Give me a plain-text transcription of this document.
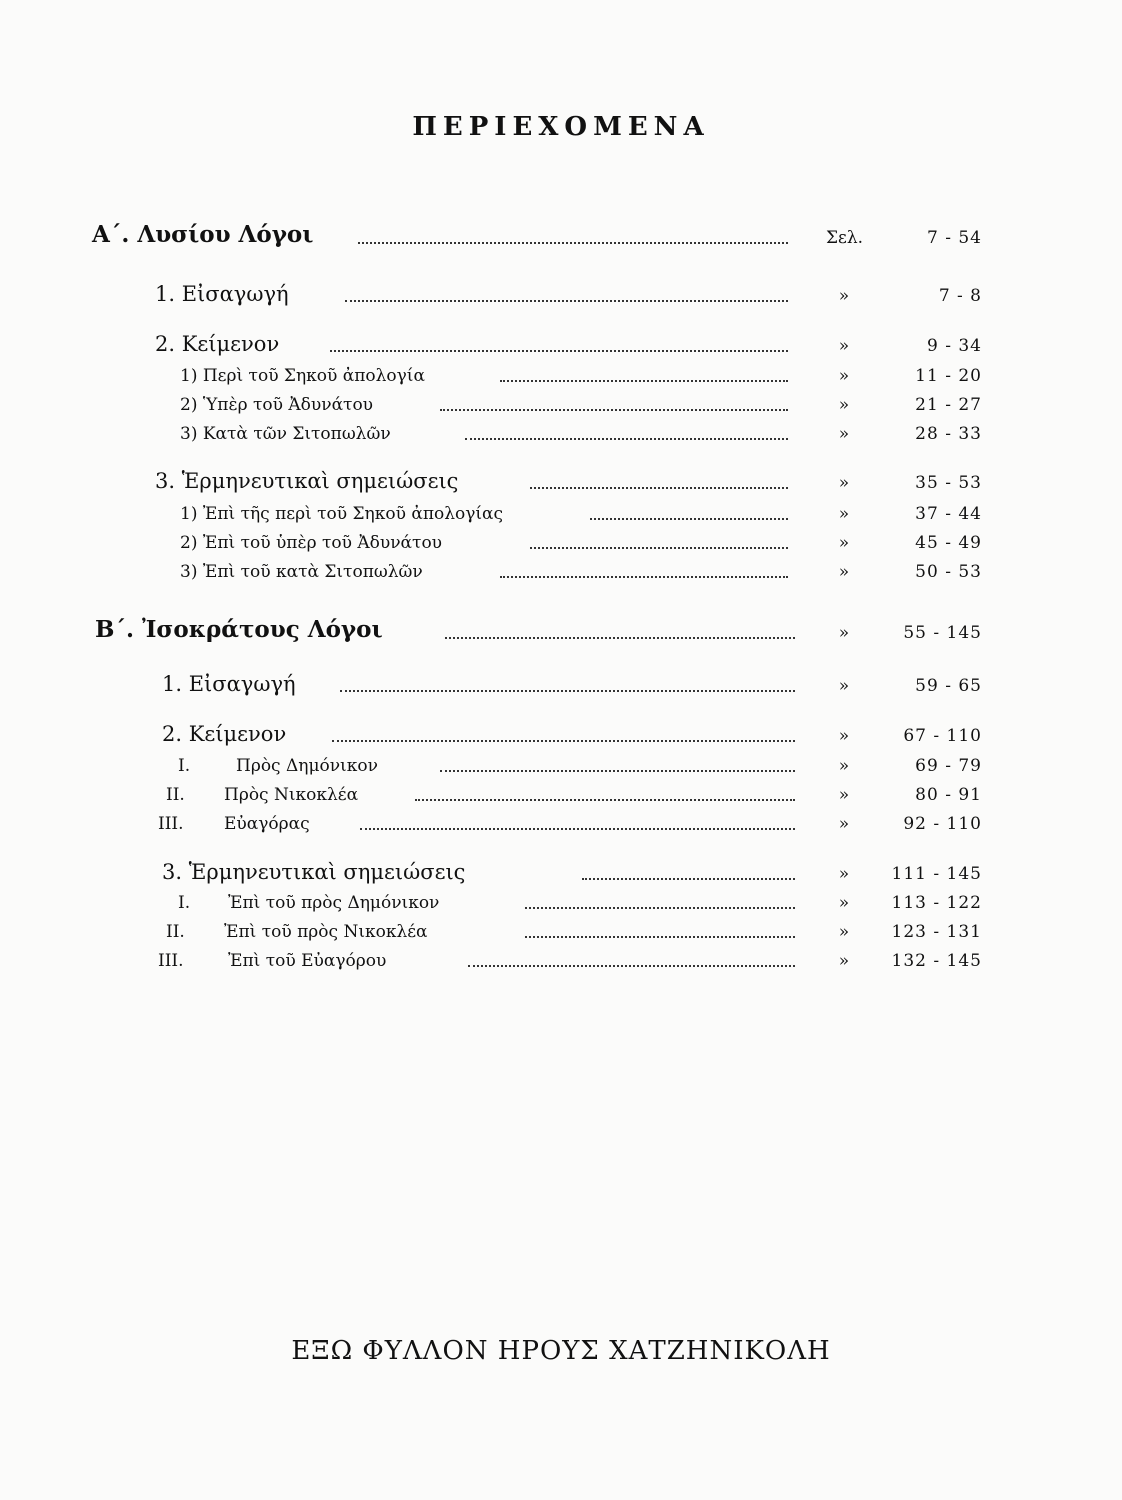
ΠΕΡΙΕΧΟΜΕΝΑ
Α΄. Λυσίου Λόγοι	Σελ.	7 - 54
1. Εἰσαγωγή	»	7 - 8
2. Κείμενον	»	9 - 34
1) Περὶ τοῦ Σηκοῦ ἀπολογία	»	11 - 20
2) Ὑπὲρ τοῦ Ἀδυνάτου	»	21 - 27
3) Κατὰ τῶν Σιτοπωλῶν	»	28 - 33
3. Ἑρμηνευτικαὶ σημειώσεις	»	35 - 53
1) Ἐπὶ τῆς περὶ τοῦ Σηκοῦ ἀπολογίας	»	37 - 44
2) Ἐπὶ τοῦ ὑπὲρ τοῦ Ἀδυνάτου	»	45 - 49
3) Ἐπὶ τοῦ κατὰ Σιτοπωλῶν	»	50 - 53
Β΄. Ἰσοκράτους Λόγοι	»	55 - 145
1. Εἰσαγωγή	»	59 - 65
2. Κείμενον	»	67 - 110
I.	Πρὸς Δημόνικον	»	69 - 79
II. Πρὸς Νικοκλέα	»	80 - 91
III. Εὐαγόρας	»	92 - 110
3. Ἑρμηνευτικαὶ σημειώσεις	»	111 - 145
I. Ἐπὶ τοῦ πρὸς Δημόνικον	»	113 - 122
II. Ἐπὶ τοῦ πρὸς Νικοκλέα	»	123 - 131
III.	Ἐπὶ τοῦ Εὐαγόρου	»	132 - 145
ΕΞΩ ΦΥΛΛΟΝ ΗΡΟΥΣ ΧΑΤΖΗΝΙΚΟΛΗ
